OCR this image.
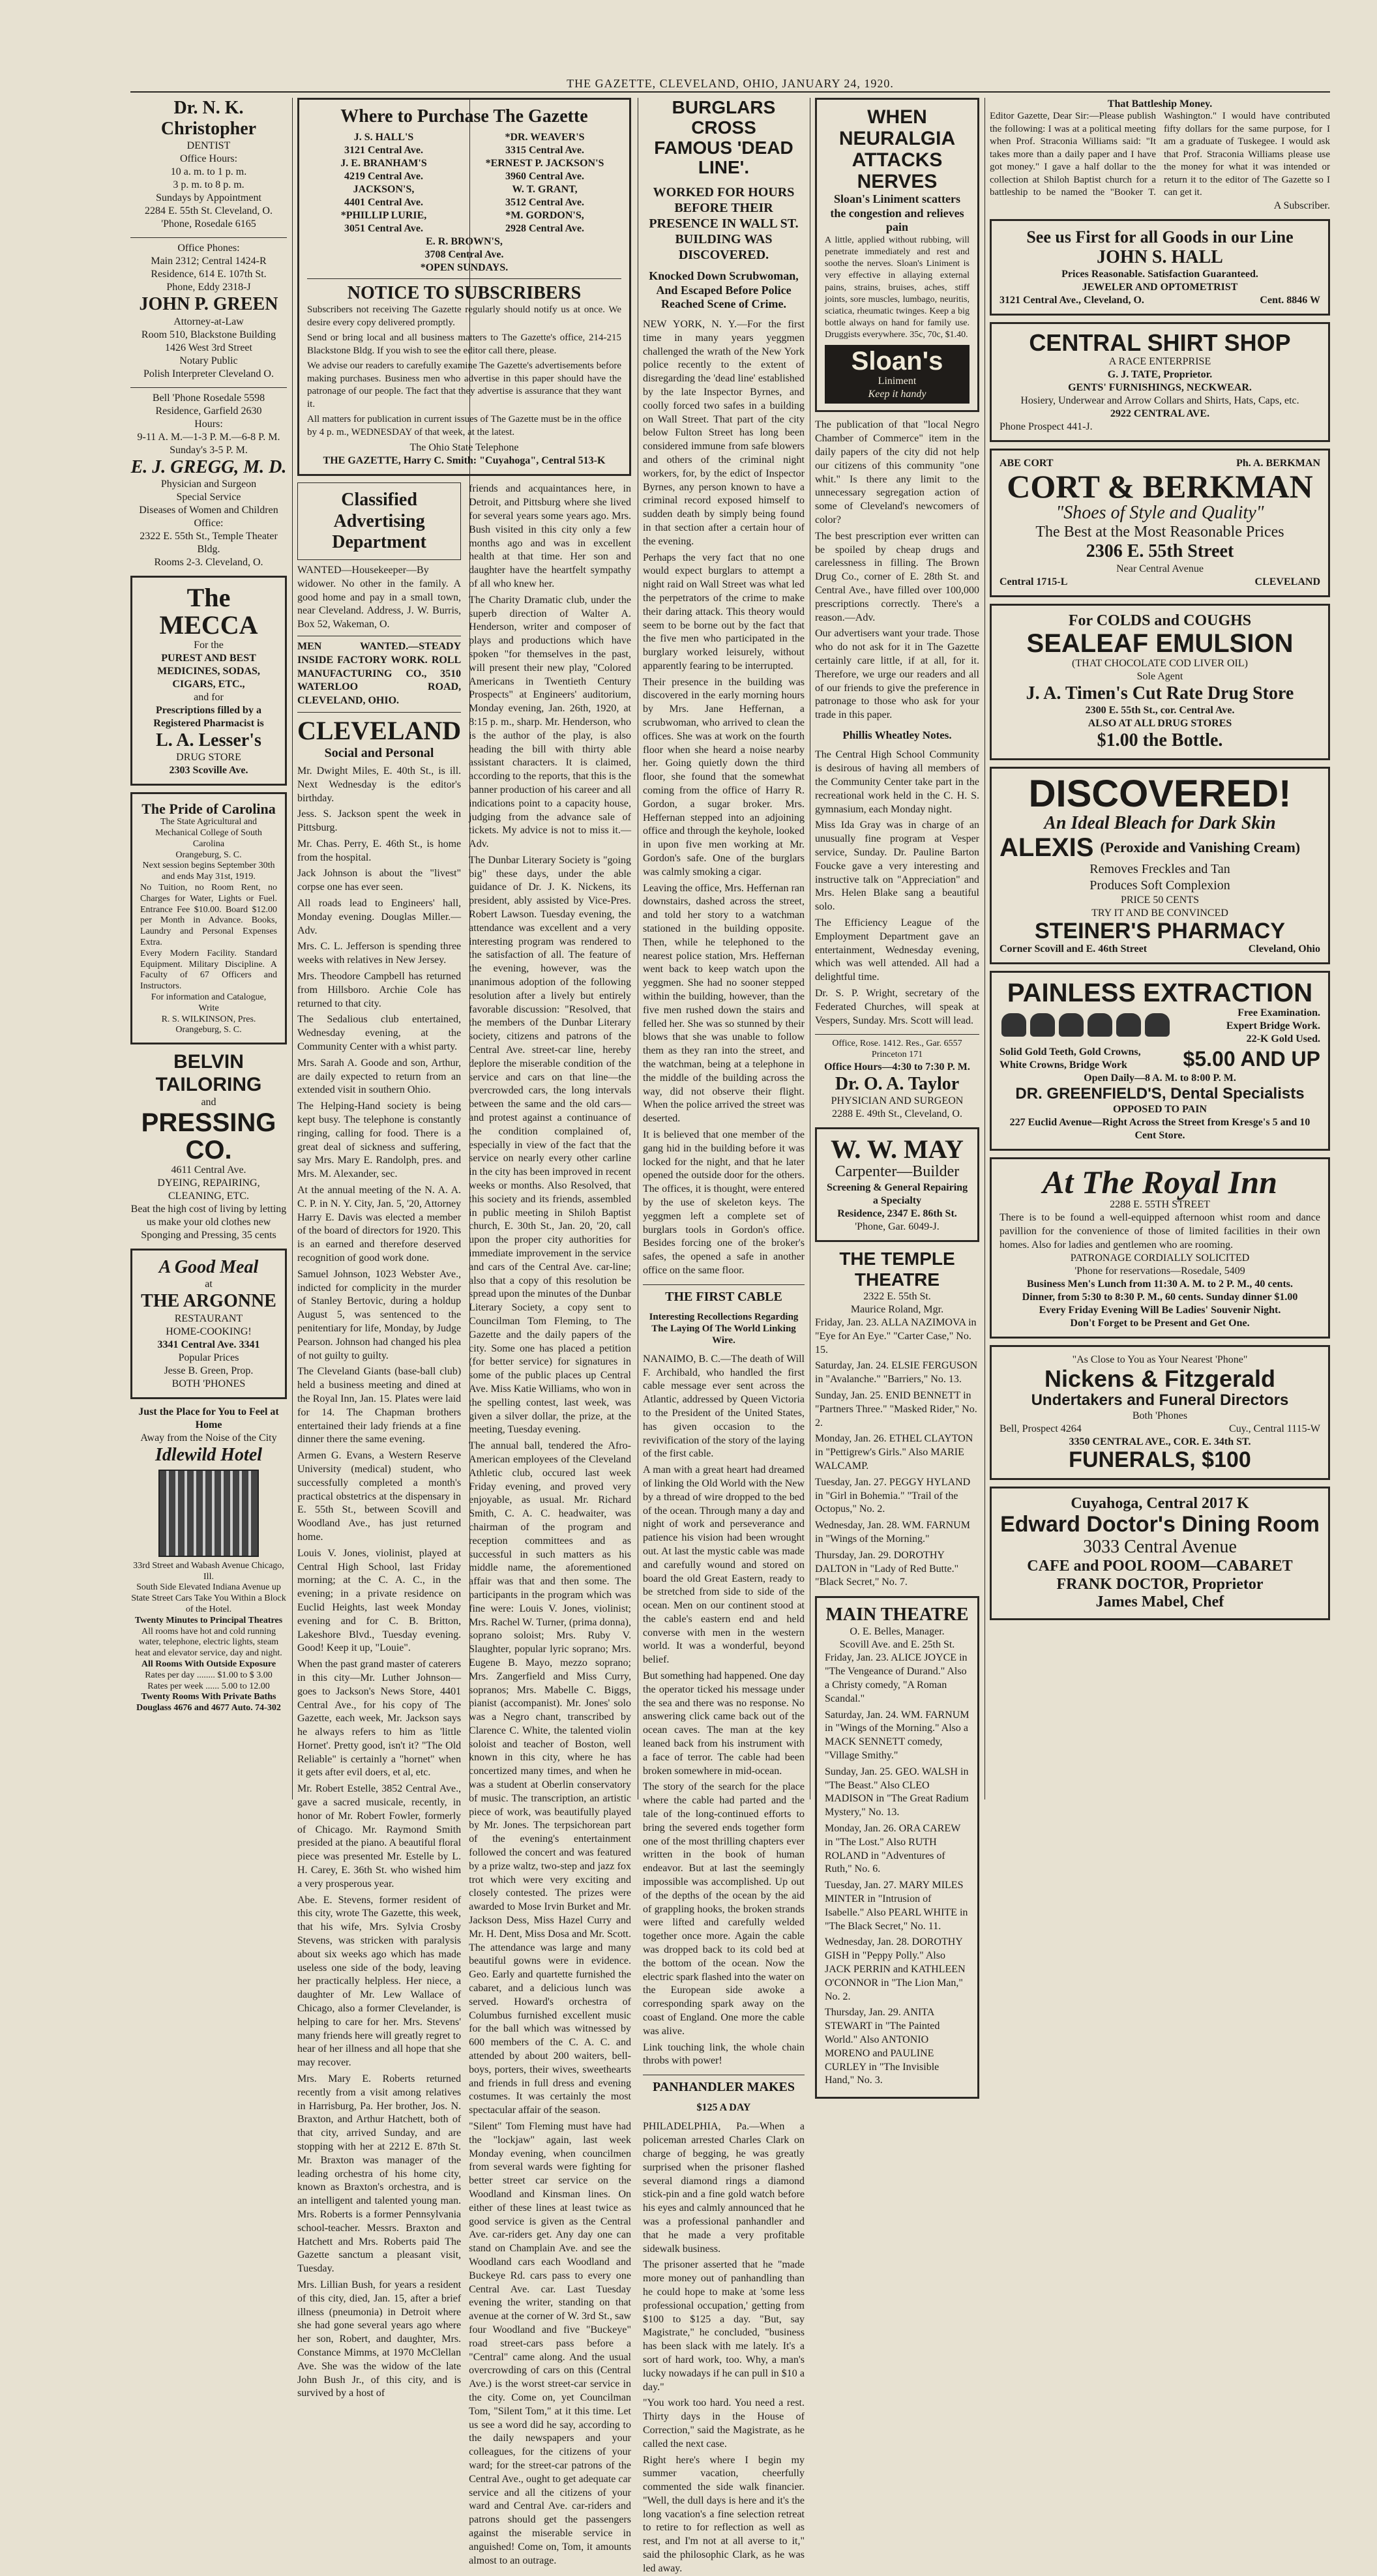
THE GAZETTE, CLEVELAND, OHIO, JANUARY 24, 1920.
Dr. N. K. Christopher
DENTIST
Office Hours:
10 a. m. to 1 p. m.
3 p. m. to 8 p. m.
Sundays by Appointment
2284 E. 55th St. Cleveland, O.
'Phone, Rosedale 6165
Office Phones:
Main 2312; Central 1424-R
Residence, 614 E. 107th St.
Phone, Eddy 2318-J
JOHN P. GREEN
Attorney-at-Law
Room 510, Blackstone Building
1426 West 3rd Street
Notary Public
Polish Interpreter Cleveland O.
Bell 'Phone Rosedale 5598
Residence, Garfield 2630
Hours:
9-11 A. M.—1-3 P. M.—6-8 P. M.
Sunday's 3-5 P. M.
E. J. GREGG, M. D.
Physician and Surgeon
Special Service
Diseases of Women and Children
Office:
2322 E. 55th St., Temple Theater Bldg.
Rooms 2-3. Cleveland, O.
The MECCA
For the
PUREST AND BEST
MEDICINES, SODAS,
CIGARS, ETC.,
and for
Prescriptions filled by a
Registered Pharmacist is
L. A. Lesser's
DRUG STORE
2303 Scoville Ave.
The Pride of Carolina
The State Agricultural and Mechanical College of South Carolina
Orangeburg, S. C.
Next session begins September 30th and ends May 31st, 1919.
No Tuition, no Room Rent, no Charges for Water, Lights or Fuel. Entrance Fee $10.00. Board $12.00 per Month in Advance. Books, Laundry and Personal Expenses Extra.
Every Modern Facility. Standard Equipment. Military Discipline. A Faculty of 67 Officers and Instructors.
For information and Catalogue, Write
R. S. WILKINSON, Pres. Orangeburg, S. C.
BELVIN TAILORING
and
PRESSING CO.
4611 Central Ave.
DYEING, REPAIRING, CLEANING, ETC.
Beat the high cost of living by letting us make your old clothes new
Sponging and Pressing, 35 cents
A Good Meal
at
THE ARGONNE
RESTAURANT
HOME-COOKING!
3341 Central Ave. 3341
Popular Prices
Jesse B. Green, Prop.
BOTH 'PHONES
Just the Place for You to Feel at Home
Away from the Noise of the City
Idlewild Hotel
33rd Street and Wabash Avenue Chicago, Ill.
South Side Elevated Indiana Avenue up State Street Cars Take You Within a Block of the Hotel.
Twenty Minutes to Principal Theatres
All rooms have hot and cold running water, telephone, electric lights, steam heat and elevator service, day and night.
All Rooms With Outside Exposure
Rates per day ........ $1.00 to $ 3.00
Rates per week ...... 5.00 to 12.00
Twenty Rooms With Private Baths
Douglass 4676 and 4677 Auto. 74-302
Where to Purchase The Gazette
J. S. HALL'S
3121 Central Ave.
J. E. BRANHAM'S
4219 Central Ave.
JACKSON'S,
4401 Central Ave.
*PHILLIP LURIE,
3051 Central Ave.
*DR. WEAVER'S
3315 Central Ave.
*ERNEST P. JACKSON'S
3960 Central Ave.
W. T. GRANT,
3512 Central Ave.
*M. GORDON'S,
2928 Central Ave.
E. R. BROWN'S,
3708 Central Ave.
*OPEN SUNDAYS.
NOTICE TO SUBSCRIBERS

Subscribers not receiving The Gazette regularly should notify us at once. We desire every copy delivered promptly.

Send or bring local and all business matters to The Gazette's office, 214-215 Blackstone Bldg. If you wish to see the editor call there, please.

We advise our readers to carefully examine The Gazette's advertisements before making purchases. Business men who advertise in this paper should have the patronage of our people. The fact that they advertise is assurance that they want it.

All matters for publication in current issues of The Gazette must be in the office by 4 p. m., WEDNESDAY of that week, at the latest.

The Ohio State Telephone
THE GAZETTE, Harry C. Smith: "Cuyahoga", Central 513-K
Classified Advertising Department

WANTED—Housekeeper—By widower. No other in the family. A good home and pay in a small town, near Cleveland. Address, J. W. Burris, Box 52, Wakeman, O.

MEN WANTED.—STEADY INSIDE FACTORY WORK. ROLL MANUFACTURING CO., 3510 WATERLOO ROAD, CLEVELAND, OHIO.

CLEVELAND
Social and Personal

Mr. Dwight Miles, E. 40th St., is ill. Next Wednesday is the editor's birthday.

Jess. S. Jackson spent the week in Pittsburg.

Mr. Chas. Perry, E. 46th St., is home from the hospital.

Jack Johnson is about the "livest" corpse one has ever seen.

All roads lead to Engineers' hall, Monday evening. Douglas Miller.—Adv.

Mrs. C. L. Jefferson is spending three weeks with relatives in New Jersey.

Mrs. Theodore Campbell has returned from Hillsboro. Archie Cole has returned to that city.

The Sedalious club entertained, Wednesday evening, at the Community Center with a whist party.

Mrs. Sarah A. Goode and son, Arthur, are daily expected to return from an extended visit in southern Ohio.

The Helping-Hand society is being kept busy. The telephone is constantly ringing, calling for food. There is a great deal of sickness and suffering, say Mrs. Mary E. Randolph, pres. and Mrs. M. Alexander, sec.

At the annual meeting of the N. A. A. C. P. in N. Y. City, Jan. 5, '20, Attorney Harry E. Davis was elected a member of the board of directors for 1920. This is an earned and therefore deserved recognition of good work done.

Samuel Johnson, 1023 Webster Ave., indicted for complicity in the murder of Stanley Bertovic, during a holdup August 5, was sentenced to the penitentiary for life, Monday, by Judge Pearson. Johnson had changed his plea of not guilty to guilty.

The Cleveland Giants (base-ball club) held a business meeting and dined at the Royal Inn, Jan. 15. Plates were laid for 14. The Chapman brothers entertained their lady friends at a fine dinner there the same evening.

Armen G. Evans, a Western Reserve University (medical) student, who successfully completed a month's practical obstetrics at the dispensary in E. 55th St., between Scovill and Woodland Ave., has just returned home.

Louis V. Jones, violinist, played at Central High School, last Friday morning; at the C. A. C., in the evening; in a private residence on Euclid Heights, last week Monday evening and for C. B. Britton, Lakeshore Blvd., Tuesday evening. Good! Keep it up, "Louie".

When the past grand master of caterers in this city—Mr. Luther Johnson—goes to Jackson's News Store, 4401 Central Ave., for his copy of The Gazette, each week, Mr. Jackson says he always refers to him as 'little Hornet'. Pretty good, isn't it? "The Old Reliable" is certainly a "hornet" when it gets after evil doers, et al, etc.

Mr. Robert Estelle, 3852 Central Ave., gave a sacred musicale, recently, in honor of Mr. Robert Fowler, formerly of Chicago. Mr. Raymond Smith presided at the piano. A beautiful floral piece was presented Mr. Estelle by L. H. Carey, E. 36th St. who wished him a very prosperous year.

Abe. E. Stevens, former resident of this city, wrote The Gazette, this week, that his wife, Mrs. Sylvia Crosby Stevens, was stricken with paralysis about six weeks ago which has made useless one side of the body, leaving her practically helpless. Her niece, a daughter of Mr. Lew Wallace of Chicago, also a former Clevelander, is helping to care for her. Mrs. Stevens' many friends here will greatly regret to hear of her illness and all hope that she may recover.

Mrs. Mary E. Roberts returned recently from a visit among relatives in Harrisburg, Pa. Her brother, Jos. N. Braxton, and Arthur Hatchett, both of that city, arrived Sunday, and are stopping with her at 2212 E. 87th St. Mr. Braxton was manager of the leading orchestra of his home city, known as Braxton's orchestra, and is an intelligent and talented young man. Mrs. Roberts is a former Pennsylvania school-teacher. Messrs. Braxton and Hatchett and Mrs. Roberts paid The Gazette sanctum a pleasant visit, Tuesday.

Mrs. Lillian Bush, for years a resident of this city, died, Jan. 15, after a brief illness (pneumonia) in Detroit where she had gone several years ago where her son, Robert, and daughter, Mrs. Constance Mimms, at 1970 McClellan Ave. She was the widow of the late John Bush Jr., of this city, and is survived by a host of

friends and acquaintances here, in Detroit, and Pittsburg where she lived for several years some years ago. Mrs. Bush visited in this city only a few months ago and was in excellent health at that time. Her son and daughter have the heartfelt sympathy of all who knew her.

The Charity Dramatic club, under the superb direction of Walter A. Henderson, writer and composer of plays and productions which have spoken "for themselves in the past, will present their new play, "Colored Americans in Twentieth Century Prospects" at Engineers' auditorium, Monday evening, Jan. 26th, 1920, at 8:15 p. m., sharp. Mr. Henderson, who is the author of the play, is also heading the bill with thirty able assistant characters. It is claimed, according to the reports, that this is the banner production of his career and all indications point to a capacity house, judging from the advance sale of tickets. My advice is not to miss it.—Adv.

The Dunbar Literary Society is "going big" these days, under the able guidance of Dr. J. K. Nickens, its president, ably assisted by Vice-Pres. Robert Lawson. Tuesday evening, the attendance was excellent and a very interesting program was rendered to the satisfaction of all. The feature of the evening, however, was the unanimous adoption of the following resolution after a lively but entirely favorable discussion: "Resolved, that the members of the Dunbar Literary society, citizens and patrons of the Central Ave. street-car line, hereby deplore the miserable condition of the service and cars on that line—the overcrowded cars, the long intervals between the same and the old cars—and protest against a continuance of the condition complained of, especially in view of the fact that the service on nearly every other carline in the city has been improved in recent weeks or months. Also Resolved, that this society and its friends, assembled in public meeting in Shiloh Baptist church, E. 30th St., Jan. 20, '20, call upon the proper city authorities for immediate improvement in the service and cars of the Central Ave. car-line; also that a copy of this resolution be spread upon the minutes of the Dunbar Literary Society, a copy sent to Councilman Tom Fleming, to The Gazette and the daily papers of the city. Some one has placed a petition (for better service) for signatures in some of the public places up Central Ave. Miss Katie Williams, who won in the spelling contest, last week, was given a silver dollar, the prize, at the meeting, Tuesday evening.

The annual ball, tendered the Afro-American employees of the Cleveland Athletic club, occured last week Friday evening, and proved very enjoyable, as usual. Mr. Richard Smith, C. A. C. headwaiter, was chairman of the program and reception committees and as successful in such matters as his middle name, the aforementioned affair was that and then some. The participants in the program which was fine were: Louis V. Jones, violinist; Mrs. Rachel W. Turner, (prima donna), soprano soloist; Mrs. Ruby V. Slaughter, popular lyric soprano; Mrs. Eugene B. Mayo, mezzo soprano; Mrs. Zangerfield and Miss Curry, sopranos; Mrs. Mabelle C. Biggs, pianist (accompanist). Mr. Jones' solo was a Negro chant, transcribed by Clarence C. White, the talented violin soloist and teacher of Boston, well known in this city, where he has concertized many times, and when he was a student at Oberlin conservatory of music. The transcription, an artistic piece of work, was beautifully played by Mr. Jones. The terpsichorean part of the evening's entertainment followed the concert and was featured by a prize waltz, two-step and jazz fox trot which were very exciting and closely contested. The prizes were awarded to Mose Irvin Burket and Mr. Jackson Dess, Miss Hazel Curry and Mr. H. Dent, Miss Dosa and Mr. Scott. The attendance was large and many beautiful gowns were in evidence. Geo. Early and quartette furnished the cabaret, and a delicious lunch was served. Howard's orchestra of Columbus furnished excellent music for the ball which was witnessed by 600 members of the C. A. C. and attended by about 200 waiters, bell-boys, porters, their wives, sweethearts and friends in full dress and evening costumes. It was certainly the most spectacular affair of the season.

"Silent" Tom Fleming must have had the "lockjaw" again, last week Monday evening, when councilmen from several wards were fighting for better street car service on the Woodland and Kinsman lines. On either of these lines at least twice as good service is given as the Central Ave. car-riders get. Any day one can stand on Champlain Ave. and see the Woodland cars each Woodland and Buckeye Rd. cars pass to every one Central Ave. car. Last Tuesday evening the writer, standing on that avenue at the corner of W. 3rd St., saw four Woodland and five "Buckeye" road street-cars pass before a "Central" came along. And the usual overcrowding of cars on this (Central Ave.) is the worst street-car service in the city. Come on, yet Councilman Tom, "Silent Tom," at it this time. Let us see a word did he say, according to the daily newspapers and your colleagues, for the citizens of your ward; for the street-car patrons of the Central Ave., ought to get adequate car service and all the citizens of your ward and Central Ave. car-riders and patrons should get the passengers against the miserable service in anguished! Come on, Tom, it amounts almost to an outrage.

BURGLARS CROSS
FAMOUS 'DEAD LINE'.
WORKED FOR HOURS BEFORE THEIR PRESENCE IN WALL ST. BUILDING WAS DISCOVERED.
Knocked Down Scrubwoman, And Escaped Before Police Reached Scene of Crime.

NEW YORK, N. Y.—For the first time in many years yeggmen challenged the wrath of the New York police recently to the extent of disregarding the 'dead line' established by the late Inspector Byrnes, and coolly forced two safes in a building on Wall Street. That part of the city below Fulton Street has long been considered immune from safe blowers and others of the criminal night workers, for, by the edict of Inspector Byrnes, any person known to have a criminal record exposed himself to sudden death by simply being found in that section after a certain hour of the evening.

Perhaps the very fact that no one would expect burglars to attempt a night raid on Wall Street was what led the perpetrators of the crime to make their daring attack. This theory would seem to be borne out by the fact that the five men who participated in the burglary worked leisurely, without apparently fearing to be interrupted.

Their presence in the building was discovered in the early morning hours by Mrs. Jane Heffernan, a scrubwoman, who arrived to clean the offices. She was at work on the fourth floor when she heard a noise nearby her. Going quietly down the third floor, she found that the somewhat coming from the office of Harry R. Gordon, a sugar broker. Mrs. Heffernan stepped into an adjoining office and through the keyhole, looked in upon five men working at Mr. Gordon's safe. One of the burglars was calmly smoking a cigar.

Leaving the office, Mrs. Heffernan ran downstairs, dashed across the street, and told her story to a watchman stationed in the building opposite. Then, while he telephoned to the nearest police station, Mrs. Heffernan went back to keep watch upon the yeggmen. She had no sooner stepped within the building, however, than the five men rushed down the stairs and felled her. She was so stunned by their blows that she was unable to follow them as they ran into the street, and the watchman, being at a telephone in the middle of the building across the way, did not observe their flight. When the police arrived the street was deserted.

It is believed that one member of the gang hid in the building before it was locked for the night, and that he later opened the outside door for the others. The offices, it is thought, were entered by the use of skeleton keys. The yeggmen left a complete set of burglars tools in Gordon's office. Besides forcing one of the broker's safes, the opened a safe in another office on the same floor.

THE FIRST CABLE
Interesting Recollections Regarding The Laying Of The World Linking Wire.

NANAIMO, B. C.—The death of Will F. Archibald, who handled the first cable message ever sent across the Atlantic, addressed by Queen Victoria to the President of the United States, has given occasion to the revivification of the story of the laying of the first cable.

A man with a great heart had dreamed of linking the Old World with the New by a thread of wire dropped to the bed of the ocean. Through many a day and night of work and perseverance and patience his vision had been wrought out. At last the mystic cable was made and carefully wound and stored on board the old Great Eastern, ready to be stretched from side to side of the ocean. Men on our continent stood at the cable's eastern end and held converse with men in the western world. It was a wonderful, beyond belief.

But something had happened. One day the operator ticked his message under the sea and there was no response. No answering click came back out of the ocean caves. The man at the key leaned back from his instrument with a face of terror. The cable had been broken somewhere in mid-ocean.

The story of the search for the place where the cable had parted and the tale of the long-continued efforts to bring the severed ends together form one of the most thrilling chapters ever written in the book of human endeavor. But at last the seemingly impossible was accomplished. Up out of the depths of the ocean by the aid of grappling hooks, the broken strands were lifted and carefully welded together once more. Again the cable was dropped back to its cold bed at the bottom of the ocean. Now the electric spark flashed into the water on the European side awoke a corresponding spark away on the coast of England. One more the cable was alive.

Link touching link, the whole chain throbs with power!

PANHANDLER MAKES
$125 A DAY

PHILADELPHIA, Pa.—When a policeman arrested Charles Clark on charge of begging, he was greatly surprised when the prisoner flashed several diamond rings a diamond stick-pin and a fine gold watch before his eyes and calmly announced that he was a professional panhandler and that he made a very profitable sidewalk business.

The prisoner asserted that he "made more money out of panhandling than he could hope to make at 'some less professional occupation,' getting from $100 to $125 a day. "But, say Magistrate," he concluded, "business has been slack with me lately. It's a sort of hard work, too. Why, a man's lucky nowadays if he can pull in $10 a day."

"You work too hard. You need a rest. Thirty days in the House of Correction," said the Magistrate, as he called the next case.

Right here's where I begin my summer vacation, cheerfully commented the side walk financier. "Well, the dull days is here and it's the long vacation's a fine selection retreat to retire to for reflection as well as rest, and I'm not at all averse to it," said the philosophic Clark, as he was led away.

WHEN NEURALGIA
ATTACKS NERVES
Sloan's Liniment scatters the congestion and relieves pain
A little, applied without rubbing, will penetrate immediately and rest and soothe the nerves. Sloan's Liniment is very effective in allaying external pains, strains, bruises, aches, stiff joints, sore muscles, lumbago, neuritis, sciatica, rheumatic twinges. Keep a big bottle always on hand for family use. Druggists everywhere. 35c, 70c, $1.40.
Sloan's
Liniment
Keep it handy

The publication of that "local Negro Chamber of Commerce" item in the daily papers of the city did not help our citizens of this community "one whit." Is there any limit to the unnecessary segregation action of some of Cleveland's newcomers of color?

The best prescription ever written can be spoiled by cheap drugs and carelessness in filling. The Brown Drug Co., corner of E. 28th St. and Central Ave., have filled over 100,000 prescriptions correctly. There's a reason.—Adv.

Our advertisers want your trade. Those who do not ask for it in The Gazette certainly care little, if at all, for it. Therefore, we urge our readers and all of our friends to give the preference in patronage to those who ask for your trade in this paper.

Phillis Wheatley Notes.

The Central High School Community is desirous of having all members of the Community Center take part in the recreational work held in the C. H. S. gymnasium, each Monday night.

Miss Ida Gray was in charge of an unusually fine program at Vesper service, Sunday. Dr. Pauline Barton Foucke gave a very interesting and instructive talk on "Appreciation" and Mrs. Helen Blake sang a beautiful solo.

The Efficiency League of the Employment Department gave an entertainment, Wednesday evening, which was well attended. All had a delightful time.

Dr. S. P. Wright, secretary of the Federated Churches, will speak at Vespers, Sunday. Mrs. Scott will lead.

Office, Rose. 1412. Res., Gar. 6557 Princeton 171
Office Hours—4:30 to 7:30 P. M.
Dr. O. A. Taylor
PHYSICIAN AND SURGEON
2288 E. 49th St., Cleveland, O.
W. W. MAY
Carpenter—Builder
Screening & General Repairing a Specialty
Residence, 2347 E. 86th St.
'Phone, Gar. 6049-J.
THE TEMPLE THEATRE
2322 E. 55th St.
Maurice Roland, Mgr.

Friday, Jan. 23. ALLA NAZIMOVA in "Eye for An Eye." "Carter Case," No. 15.

Saturday, Jan. 24. ELSIE FERGUSON in "Avalanche." "Barriers," No. 13.

Sunday, Jan. 25. ENID BENNETT in "Partners Three." "Masked Rider," No. 2.

Monday, Jan. 26. ETHEL CLAYTON in "Pettigrew's Girls." Also MARIE WALCAMP.

Tuesday, Jan. 27. PEGGY HYLAND in "Girl in Bohemia." "Trail of the Octopus," No. 2.

Wednesday, Jan. 28. WM. FARNUM in "Wings of the Morning."

Thursday, Jan. 29. DOROTHY DALTON in "Lady of Red Butte." "Black Secret," No. 7.

MAIN THEATRE
O. E. Belles, Manager.
Scovill Ave. and E. 25th St.

Friday, Jan. 23. ALICE JOYCE in "The Vengeance of Durand." Also a Christy comedy, "A Roman Scandal."

Saturday, Jan. 24. WM. FARNUM in "Wings of the Morning." Also a MACK SENNETT comedy, "Village Smithy."

Sunday, Jan. 25. GEO. WALSH in "The Beast." Also CLEO MADISON in "The Great Radium Mystery," No. 13.

Monday, Jan. 26. ORA CAREW in "The Lost." Also RUTH ROLAND in "Adventures of Ruth," No. 6.

Tuesday, Jan. 27. MARY MILES MINTER in "Intrusion of Isabelle." Also PEARL WHITE in "The Black Secret," No. 11.

Wednesday, Jan. 28. DOROTHY GISH in "Peppy Polly." Also JACK PERRIN and KATHLEEN O'CONNOR in "The Lion Man," No. 2.

Thursday, Jan. 29. ANITA STEWART in "The Painted World." Also ANTONIO MORENO and PAULINE CURLEY in "The Invisible Hand," No. 3.

That Battleship Money.
Editor Gazette, Dear Sir:—Please publish the following: I was at a political meeting when Prof. Straconia Williams said: "It takes more than a daily paper and I have got money." I gave a half dollar to the collection at Shiloh Baptist church for a battleship to be named the "Booker T. Washington." I would have contributed fifty dollars for the same purpose, for I am a graduate of Tuskegee. I would ask that Prof. Straconia Williams please use the money for what it was intended or return it to the editor of The Gazette so I can get it.
A Subscriber.
See us First for all Goods in our Line
JOHN S. HALL
Prices Reasonable. Satisfaction Guaranteed.
JEWELER AND OPTOMETRIST
3121 Central Ave., Cleveland, O.	Cent. 8846 W
CENTRAL SHIRT SHOP
A RACE ENTERPRISE
G. J. TATE, Proprietor.
GENTS' FURNISHINGS, NECKWEAR.
Hosiery, Underwear and Arrow Collars and Shirts, Hats, Caps, etc.
2922 CENTRAL AVE.
Phone Prospect 441-J.
ABE CORT	Ph. A. BERKMAN
CORT & BERKMAN
"Shoes of Style and Quality"
The Best at the Most Reasonable Prices
2306 E. 55th Street
Near Central Avenue
Central 1715-L	CLEVELAND
For COLDS and COUGHS
SEALEAF EMULSION
(THAT CHOCOLATE COD LIVER OIL)
Sole Agent
J. A. Timen's Cut Rate Drug Store
2300 E. 55th St., cor. Central Ave.
ALSO AT ALL DRUG STORES
$1.00 the Bottle.
DISCOVERED!
An Ideal Bleach for Dark Skin
ALEXIS (Peroxide and Vanishing Cream)
Removes Freckles and Tan
Produces Soft Complexion
PRICE 50 CENTS
TRY IT AND BE CONVINCED
STEINER'S PHARMACY
Corner Scovill and E. 46th Street	Cleveland, Ohio
PAINLESS EXTRACTION
Free Examination.
Expert Bridge Work.
22-K Gold Used.
Solid Gold Teeth, Gold Crowns,
White Crowns, Bridge Work	$5.00 AND UP
Open Daily—8 A. M. to 8:00 P. M.
DR. GREENFIELD'S, Dental Specialists
OPPOSED TO PAIN
227 Euclid Avenue—Right Across the Street from Kresge's 5 and 10 Cent Store.
At The Royal Inn
2288 E. 55TH STREET
There is to be found a well-equipped afternoon whist room and dance pavillion for the convenience of those of limited facilities in their own homes. Also for ladies and gentlemen who are rooming.
PATRONAGE CORDIALLY SOLICITED
'Phone for reservations—Rosedale, 5409
Business Men's Lunch from 11:30 A. M. to 2 P. M., 40 cents.
Dinner, from 5:30 to 8:30 P. M., 60 cents. Sunday dinner $1.00
Every Friday Evening Will Be Ladies' Souvenir Night.
Don't Forget to be Present and Get One.
"As Close to You as Your Nearest 'Phone"
Nickens & Fitzgerald
Undertakers and Funeral Directors
Both 'Phones
Bell, Prospect 4264	Cuy., Central 1115-W
3350 CENTRAL AVE., COR. E. 34th ST.
FUNERALS, $100
Cuyahoga, Central 2017 K
Edward Doctor's Dining Room
3033 Central Avenue
CAFE and POOL ROOM—CABARET
FRANK DOCTOR, Proprietor
James Mabel, Chef
